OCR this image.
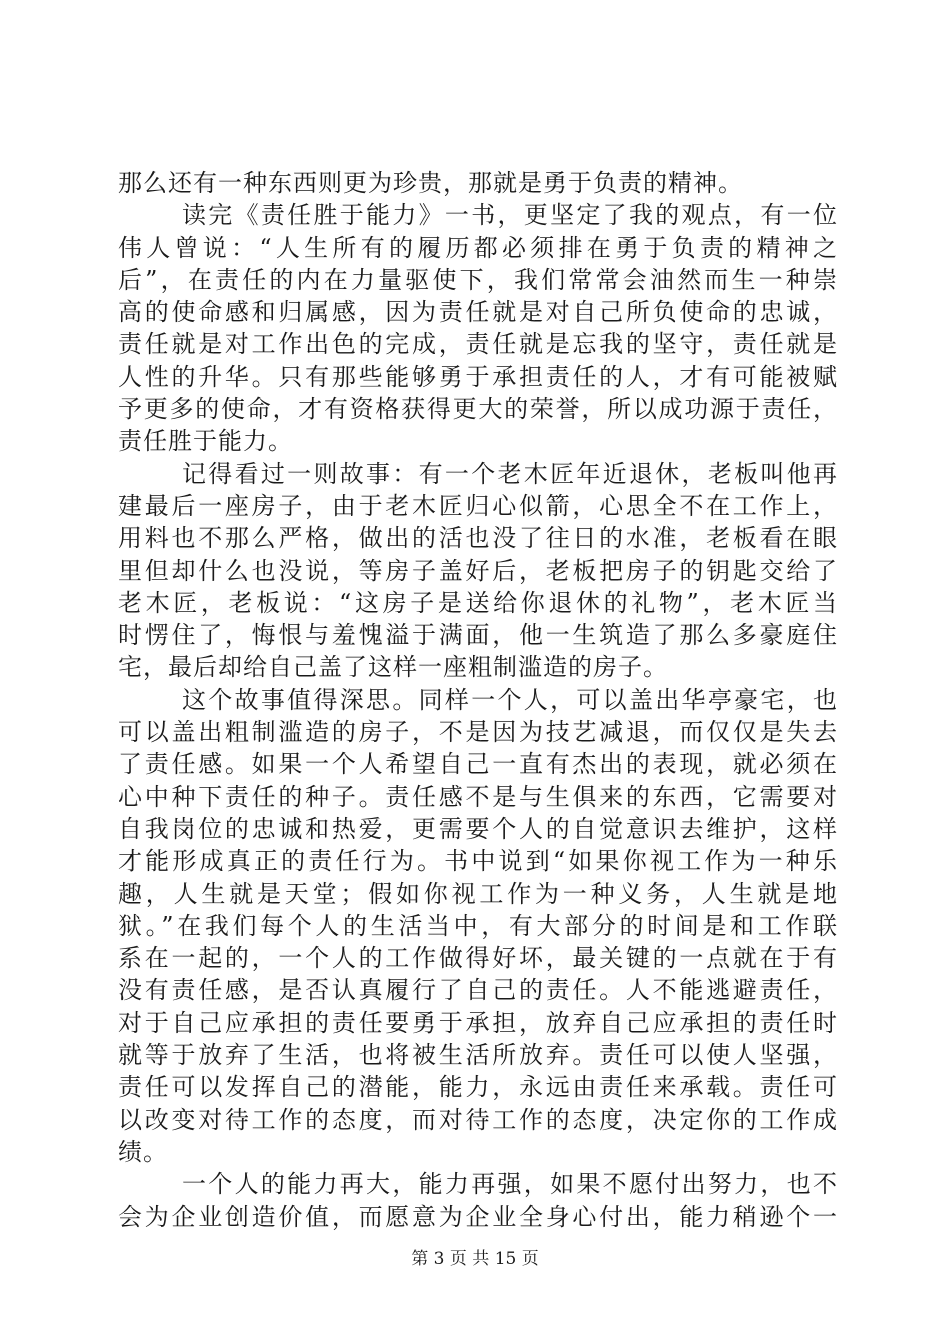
那么还有一种东西则更为珍贵，那就是勇于负责的精神。
读完《责任胜于能力》一书，更坚定了我的观点，有一位
伟人曾说：“人生所有的履历都必须排在勇于负责的精神之
后”，在责任的内在力量驱使下，我们常常会油然而生一种崇
高的使命感和归属感，因为责任就是对自己所负使命的忠诚，
责任就是对工作出色的完成，责任就是忘我的坚守，责任就是
人性的升华。只有那些能够勇于承担责任的人，才有可能被赋
予更多的使命，才有资格获得更大的荣誉，所以成功源于责任，
责任胜于能力。
记得看过一则故事：有一个老木匠年近退休，老板叫他再
建最后一座房子，由于老木匠归心似箭，心思全不在工作上，
用料也不那么严格，做出的活也没了往日的水准，老板看在眼
里但却什么也没说，等房子盖好后，老板把房子的钥匙交给了
老木匠，老板说：“这房子是送给你退休的礼物”，老木匠当
时愣住了，悔恨与羞愧溢于满面，他一生筑造了那么多豪庭住
宅，最后却给自己盖了这样一座粗制滥造的房子。
这个故事值得深思。同样一个人，可以盖出华亭豪宅，也
可以盖出粗制滥造的房子，不是因为技艺减退，而仅仅是失去
了责任感。如果一个人希望自己一直有杰出的表现，就必须在
心中种下责任的种子。责任感不是与生俱来的东西，它需要对
自我岗位的忠诚和热爱，更需要个人的自觉意识去维护，这样
才能形成真正的责任行为。书中说到“如果你视工作为一种乐
趣，人生就是天堂；假如你视工作为一种义务，人生就是地
狱。”在我们每个人的生活当中，有大部分的时间是和工作联
系在一起的，一个人的工作做得好坏，最关键的一点就在于有
没有责任感，是否认真履行了自己的责任。人不能逃避责任，
对于自己应承担的责任要勇于承担，放弃自己应承担的责任时
就等于放弃了生活，也将被生活所放弃。责任可以使人坚强，
责任可以发挥自己的潜能，能力，永远由责任来承载。责任可
以改变对待工作的态度，而对待工作的态度，决定你的工作成
绩。
一个人的能力再大，能力再强，如果不愿付出努力，也不
会为企业创造价值，而愿意为企业全身心付出，能力稍逊个一
第 3 页 共 15 页
